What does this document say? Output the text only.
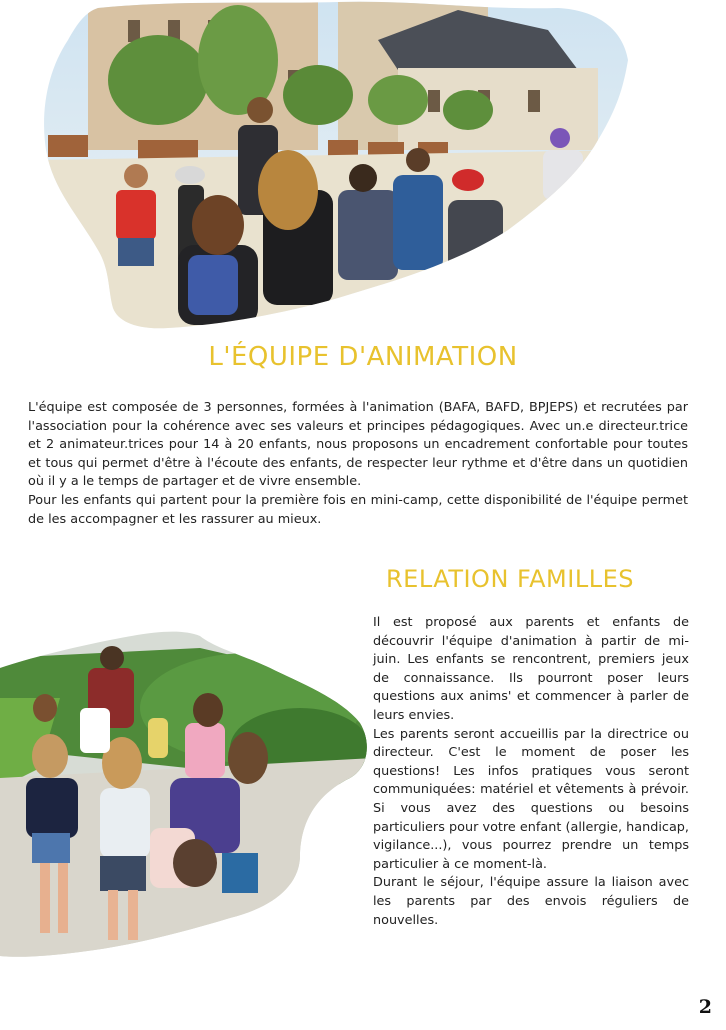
L'ÉQUIPE D'ANIMATION

L'équipe est composée de 3 personnes, formées à l'animation (BAFA, BAFD, BPJEPS) et recrutées par l'association pour la cohérence avec ses valeurs et principes pédagogiques. Avec un.e directeur.trice et 2 animateur.trices pour 14 à 20 enfants, nous proposons un encadrement confortable pour toutes et tous qui permet d'être à l'écoute des enfants, de respecter leur rythme et d'être dans un quotidien où il y a le temps de partager et de vivre ensemble.

Pour les enfants qui partent pour la première fois en mini-camp, cette disponibilité de l'équipe permet de les accompagner et les rassurer au mieux.

RELATION FAMILLES

Il est proposé aux parents et enfants de découvrir l'équipe d'animation à partir de mi-juin. Les enfants se rencontrent, premiers jeux de connaissance. Ils pourront poser leurs questions aux anims' et commencer à parler de leurs envies.

Les parents seront accueillis par la directrice ou directeur. C'est le moment de poser les questions! Les infos pratiques vous seront communiquées: matériel et vêtements à prévoir. Si vous avez des questions ou besoins particuliers pour votre enfant (allergie, handicap, vigilance...), vous pourrez prendre un temps particulier à ce moment-là.

Durant le séjour, l'équipe assure la liaison avec les parents par des envois réguliers de nouvelles.

2
